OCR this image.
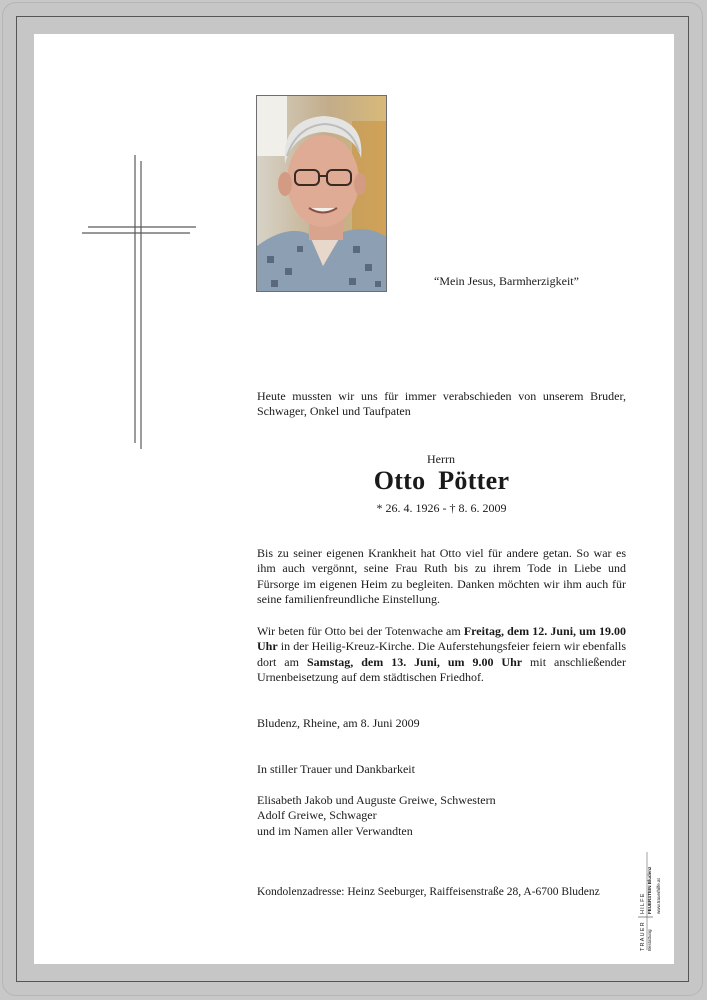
“Mein Jesus, Barmherzigkeit”
Heute mussten wir uns für immer verabschieden von unserem Bruder, Schwager, Onkel und Taufpaten
Herrn
Otto Pötter
* 26. 4. 1926 - † 8. 6. 2009
Bis zu seiner eigenen Krankheit hat Otto viel für andere getan. So war es ihm auch vergönnt, seine Frau Ruth bis zu ihrem Tode in Liebe und Fürsorge im eigenen Heim zu begleiten. Danken möchten wir ihm auch für seine familienfreundliche Einstellung.
Wir beten für Otto bei der Totenwache am Freitag, dem 12. Juni, um 19.00 Uhr in der Heilig-Kreuz-Kirche. Die Auferstehungsfeier feiern wir ebenfalls dort am Samstag, dem 13. Juni, um 9.00 Uhr mit anschließender Urnenbeisetzung auf dem städtischen Friedhof.
Bludenz, Rheine, am 8. Juni 2009
In stiller Trauer und Dankbarkeit
Elisabeth Jakob und Auguste Greiwe, Schwestern
Adolf Greiwe, Schwager
und im Namen aller Verwandten
Kondolenzadresse: Heinz Seeburger, Raiffeisenstraße 28, A-6700 Bludenz
TRAUER
HILFE
Bestattung
FEUERSTEIN Bludenz www.trauerhilfe.at
